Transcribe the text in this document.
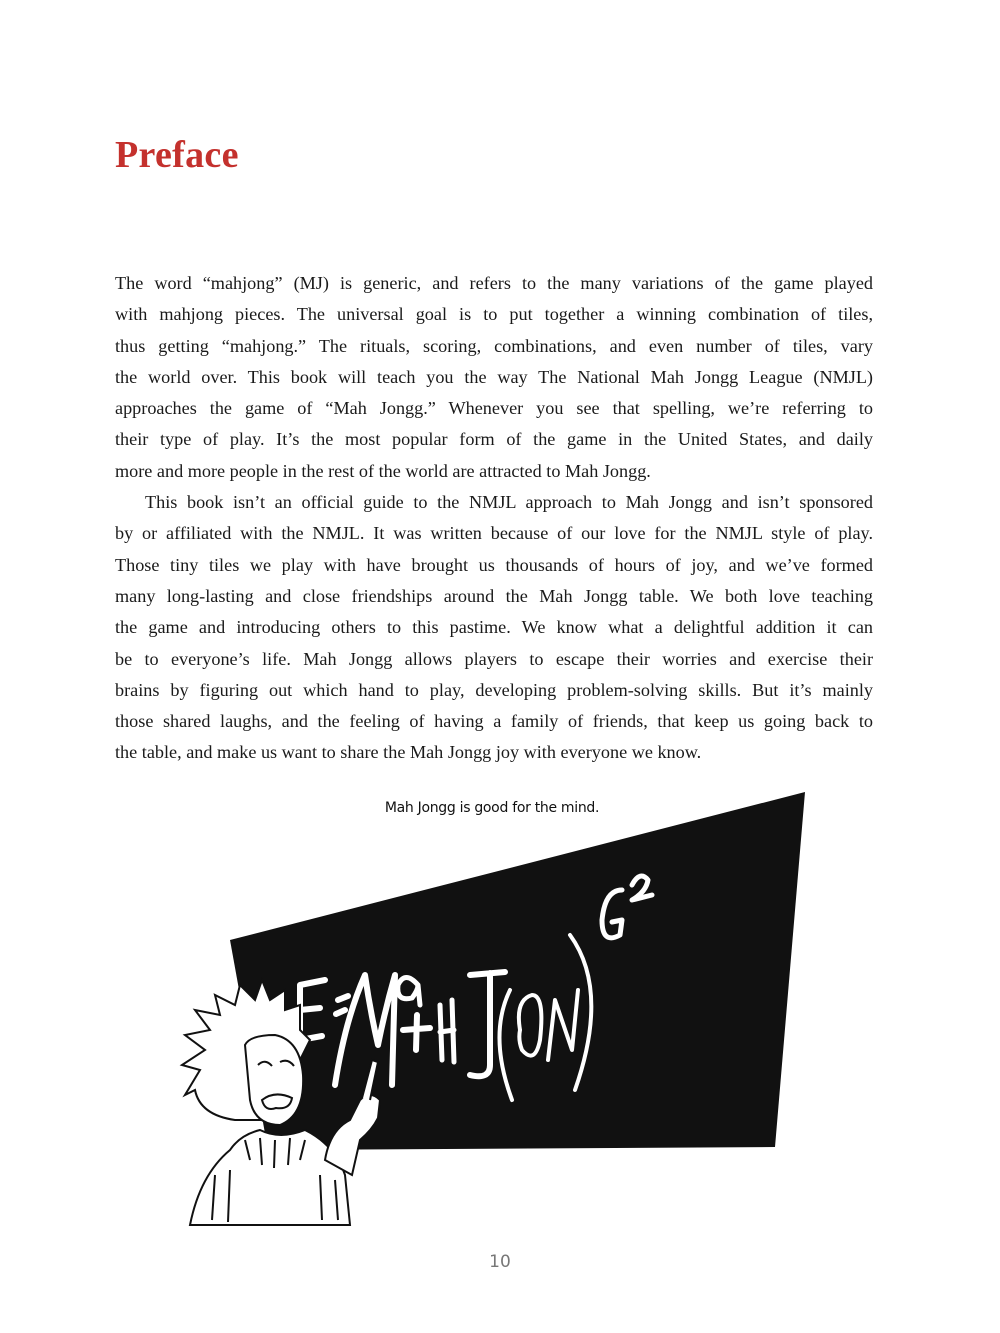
Preface
The word “mahjong” (MJ) is generic, and refers to the many variations of the game played
with mahjong pieces. The universal goal is to put together a winning combination of tiles,
thus getting “mahjong.” The rituals, scoring, combinations, and even number of tiles, vary
the world over. This book will teach you the way The National Mah Jongg League (NMJL)
approaches the game of “Mah Jongg.” Whenever you see that spelling, we’re referring to
their type of play. It’s the most popular form of the game in the United States, and daily
more and more people in the rest of the world are attracted to Mah Jongg.
This book isn’t an official guide to the NMJL approach to Mah Jongg and isn’t sponsored
by or affiliated with the NMJL. It was written because of our love for the NMJL style of play.
Those tiny tiles we play with have brought us thousands of hours of joy, and we’ve formed
many long-lasting and close friendships around the Mah Jongg table. We both love teaching
the game and introducing others to this pastime. We know what a delightful addition it can
be to everyone’s life. Mah Jongg allows players to escape their worries and exercise their
brains by figuring out which hand to play, developing problem-solving skills. But it’s mainly
those shared laughs, and the feeling of having a family of friends, that keep us going back to
the table, and make us want to share the Mah Jongg joy with everyone we know.
Mah Jongg is good for the mind.
10
